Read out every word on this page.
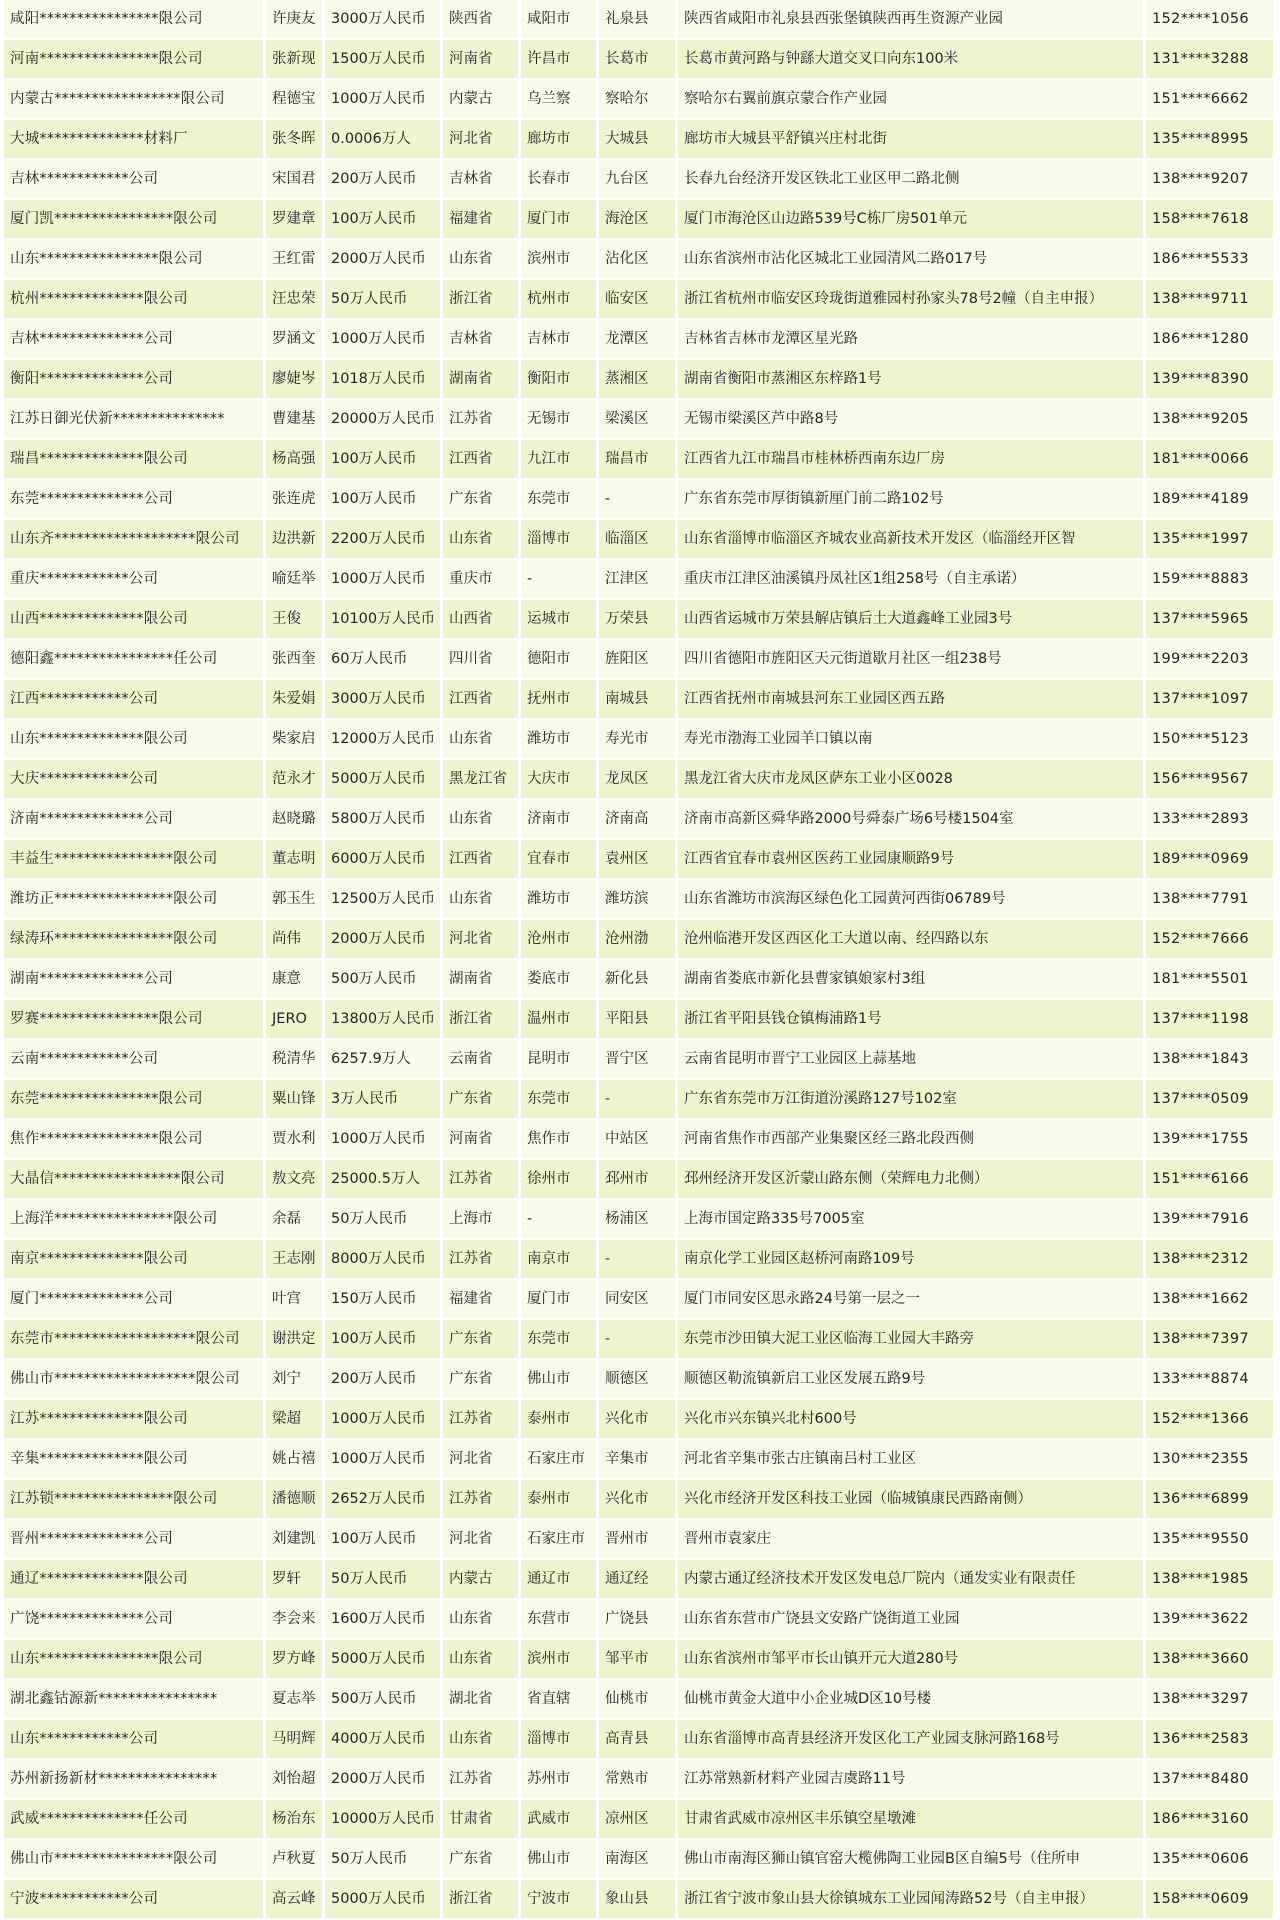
咸阳****************限公司	许庚友	3000万人民币	陕西省	咸阳市	礼泉县	陕西省咸阳市礼泉县西张堡镇陕西再生资源产业园	152****1056
河南****************限公司	张新现	1500万人民币	河南省	许昌市	长葛市	长葛市黄河路与钟繇大道交叉口向东100米	131****3288
内蒙古*****************限公司	程德宝	1000万人民币	内蒙古	乌兰察	察哈尔	察哈尔右翼前旗京蒙合作产业园	151****6662
大城**************材料厂	张冬晖	0.0006万人	河北省	廊坊市	大城县	廊坊市大城县平舒镇兴庄村北街	135****8995
吉林************公司	宋国君	200万人民币	吉林省	长春市	九台区	长春九台经济开发区铁北工业区甲二路北侧	138****9207
厦门凯****************限公司	罗建章	100万人民币	福建省	厦门市	海沧区	厦门市海沧区山边路539号C栋厂房501单元	158****7618
山东****************限公司	王红雷	2000万人民币	山东省	滨州市	沾化区	山东省滨州市沾化区城北工业园清风二路017号	186****5533
杭州**************限公司	汪忠荣	50万人民币	浙江省	杭州市	临安区	浙江省杭州市临安区玲珑街道雅园村孙家头78号2幢（自主申报）	138****9711
吉林**************公司	罗涵文	1000万人民币	吉林省	吉林市	龙潭区	吉林省吉林市龙潭区星光路	186****1280
衡阳**************公司	廖婕岑	1018万人民币	湖南省	衡阳市	蒸湘区	湖南省衡阳市蒸湘区东梓路1号	139****8390
江苏日御光伏新***************	曹建基	20000万人民币	江苏省	无锡市	梁溪区	无锡市梁溪区芦中路8号	138****9205
瑞昌**************限公司	杨高强	100万人民币	江西省	九江市	瑞昌市	江西省九江市瑞昌市桂林桥西南东边厂房	181****0066
东莞**************公司	张连虎	100万人民币	广东省	东莞市	-	广东省东莞市厚街镇新厘门前二路102号	189****4189
山东齐*******************限公司	边洪新	2200万人民币	山东省	淄博市	临淄区	山东省淄博市临淄区齐城农业高新技术开发区（临淄经开区智	135****1997
重庆************公司	喻廷举	1000万人民币	重庆市	-	江津区	重庆市江津区油溪镇丹凤社区1组258号（自主承诺）	159****8883
山西**************限公司	王俊	10100万人民币	山西省	运城市	万荣县	山西省运城市万荣县解店镇后土大道鑫峰工业园3号	137****5965
德阳鑫****************任公司	张西奎	60万人民币	四川省	德阳市	旌阳区	四川省德阳市旌阳区天元街道歇月社区一组238号	199****2203
江西************公司	朱爱娟	3000万人民币	江西省	抚州市	南城县	江西省抚州市南城县河东工业园区西五路	137****1097
山东**************限公司	柴家启	12000万人民币	山东省	潍坊市	寿光市	寿光市渤海工业园羊口镇以南	150****5123
大庆************公司	范永才	5000万人民币	黑龙江省	大庆市	龙凤区	黑龙江省大庆市龙凤区萨东工业小区0028	156****9567
济南**************公司	赵晓璐	5800万人民币	山东省	济南市	济南高	济南市高新区舜华路2000号舜泰广场6号楼1504室	133****2893
丰益生****************限公司	董志明	6000万人民币	江西省	宜春市	袁州区	江西省宜春市袁州区医药工业园康顺路9号	189****0969
潍坊正****************限公司	郭玉生	12500万人民币	山东省	潍坊市	潍坊滨	山东省潍坊市滨海区绿色化工园黄河西街06789号	138****7791
绿涛环****************限公司	尚伟	2000万人民币	河北省	沧州市	沧州渤	沧州临港开发区西区化工大道以南、经四路以东	152****7666
湖南**************公司	康意	500万人民币	湖南省	娄底市	新化县	湖南省娄底市新化县曹家镇娘家村3组	181****5501
罗赛****************限公司	JERO	13800万人民币	浙江省	温州市	平阳县	浙江省平阳县钱仓镇梅浦路1号	137****1198
云南************公司	税清华	6257.9万人	云南省	昆明市	晋宁区	云南省昆明市晋宁工业园区上蒜基地	138****1843
东莞****************限公司	粟山锋	3万人民币	广东省	东莞市	-	广东省东莞市万江街道汾溪路127号102室	137****0509
焦作****************限公司	贾水利	1000万人民币	河南省	焦作市	中站区	河南省焦作市西部产业集聚区经三路北段西侧	139****1755
大晶信*****************限公司	敖文亮	25000.5万人	江苏省	徐州市	邳州市	邳州经济开发区沂蒙山路东侧（荣辉电力北侧）	151****6166
上海洋****************限公司	余磊	50万人民币	上海市	-	杨浦区	上海市国定路335号7005室	139****7916
南京**************限公司	王志刚	8000万人民币	江苏省	南京市	-	南京化学工业园区赵桥河南路109号	138****2312
厦门**************公司	叶宫	150万人民币	福建省	厦门市	同安区	厦门市同安区思永路24号第一层之一	138****1662
东莞市*******************限公司	谢洪定	100万人民币	广东省	东莞市	-	东莞市沙田镇大泥工业区临海工业园大丰路旁	138****7397
佛山市*******************限公司	刘宁	200万人民币	广东省	佛山市	顺德区	顺德区勒流镇新启工业区发展五路9号	133****8874
江苏**************限公司	梁超	1000万人民币	江苏省	泰州市	兴化市	兴化市兴东镇兴北村600号	152****1366
辛集**************限公司	姚占禧	1000万人民币	河北省	石家庄市	辛集市	河北省辛集市张古庄镇南吕村工业区	130****2355
江苏锁****************限公司	潘德顺	2652万人民币	江苏省	泰州市	兴化市	兴化市经济开发区科技工业园（临城镇康民西路南侧）	136****6899
晋州**************公司	刘建凯	100万人民币	河北省	石家庄市	晋州市	晋州市袁家庄	135****9550
通辽**************限公司	罗轩	50万人民币	内蒙古	通辽市	通辽经	内蒙古通辽经济技术开发区发电总厂院内（通发实业有限责任	138****1985
广饶**************公司	李会来	1600万人民币	山东省	东营市	广饶县	山东省东营市广饶县文安路广饶街道工业园	139****3622
山东****************限公司	罗方峰	5000万人民币	山东省	滨州市	邹平市	山东省滨州市邹平市长山镇开元大道280号	138****3660
湖北鑫钴源新****************	夏志举	500万人民币	湖北省	省直辖	仙桃市	仙桃市黄金大道中小企业城D区10号楼	138****3297
山东************公司	马明辉	4000万人民币	山东省	淄博市	高青县	山东省淄博市高青县经济开发区化工产业园支脉河路168号	136****2583
苏州新扬新材****************	刘怡超	2000万人民币	江苏省	苏州市	常熟市	江苏常熟新材料产业园吉虞路11号	137****8480
武威**************任公司	杨治东	10000万人民币	甘肃省	武威市	凉州区	甘肃省武威市凉州区丰乐镇空星墩滩	186****3160
佛山市****************限公司	卢秋夏	50万人民币	广东省	佛山市	南海区	佛山市南海区狮山镇官窑大榄佛陶工业园B区自编5号（住所申	135****0606
宁波************公司	高云峰	5000万人民币	浙江省	宁波市	象山县	浙江省宁波市象山县大徐镇城东工业园闻涛路52号（自主申报）	158****0609
